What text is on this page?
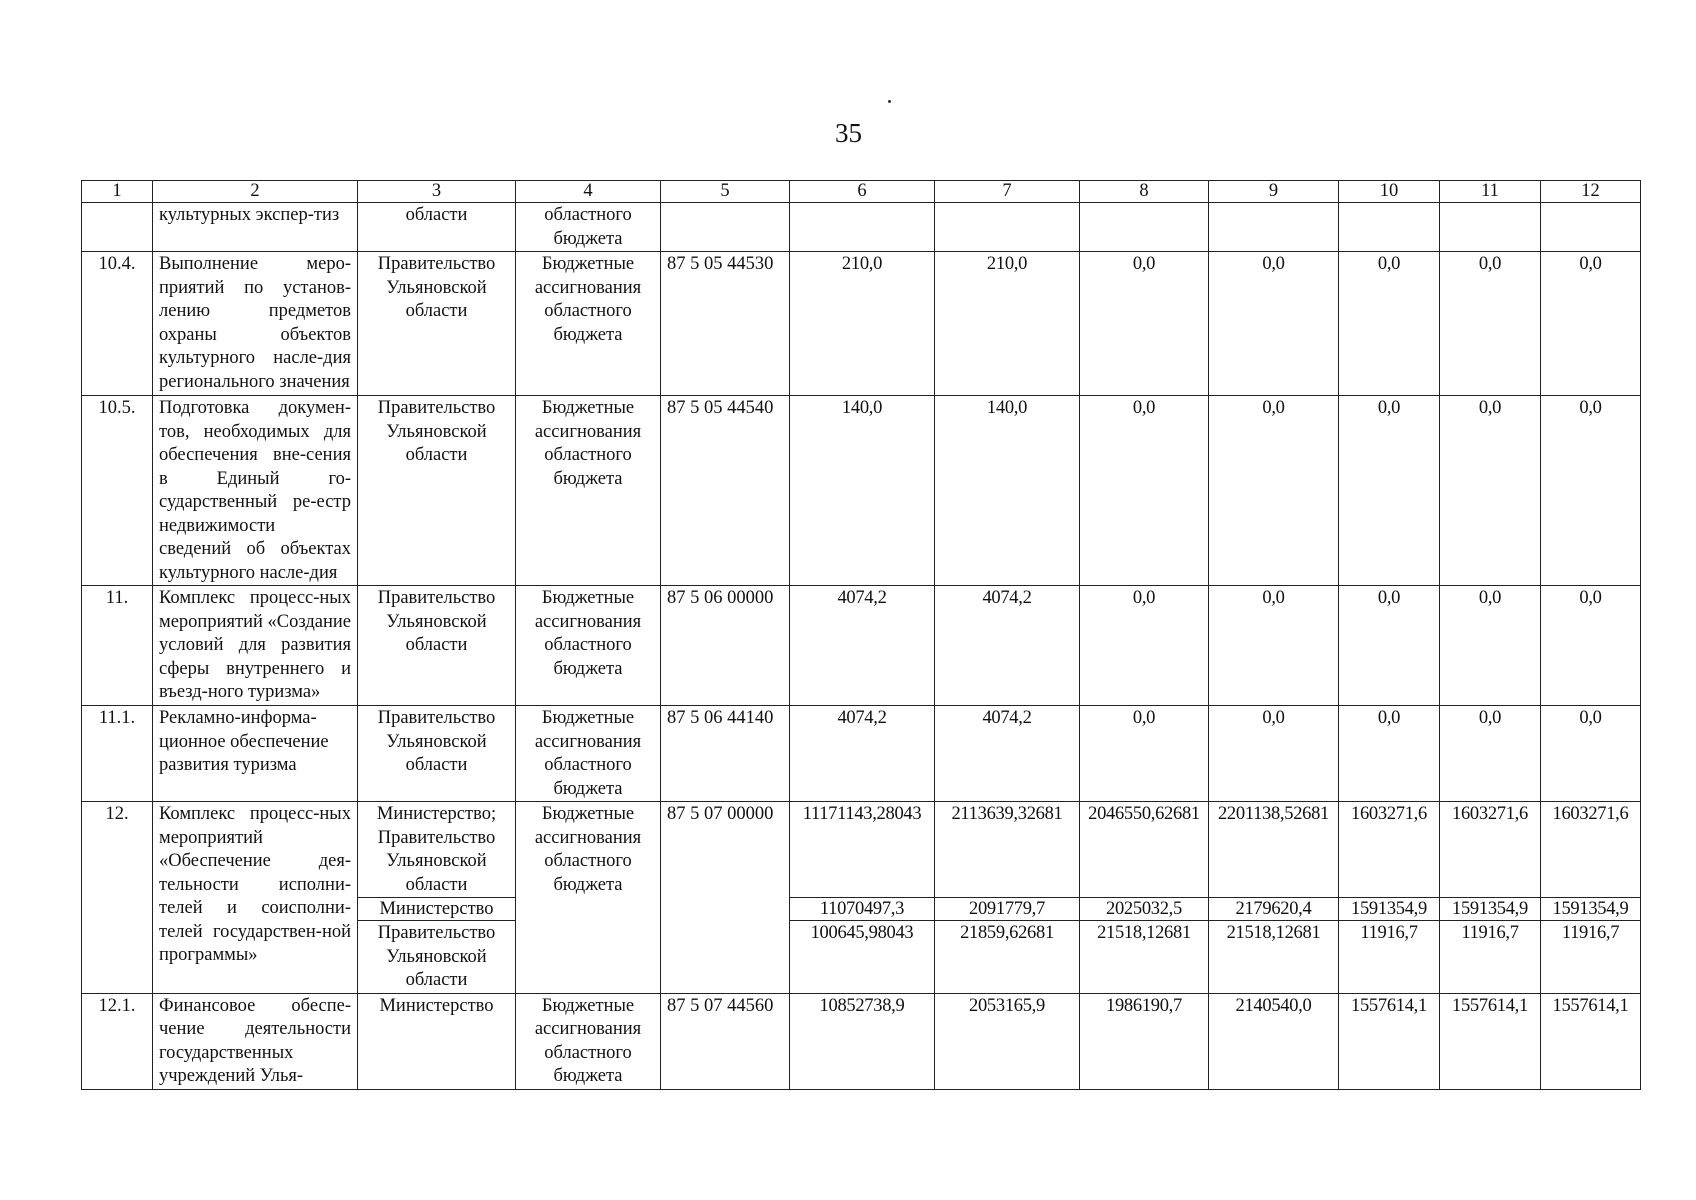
35
1	2	3	4	5	6	7	8	9	10	11	12
	культурных экспер-тиз	области	областного бюджета								
10.4.	Выполнение меро-приятий по установ-лению предметов охраны объектов культурного насле-дия регионального значения	Правительство Ульяновской области	Бюджетные ассигнования областного бюджета	87 5 05 44530	210,0	210,0	0,0	0,0	0,0	0,0	0,0
10.5.	Подготовка докумен-тов, необходимых для обеспечения вне-сения в Единый го-сударственный ре-естр недвижимости сведений об объектах культурного насле-дия	Правительство Ульяновской области	Бюджетные ассигнования областного бюджета	87 5 05 44540	140,0	140,0	0,0	0,0	0,0	0,0	0,0
11.	Комплекс процесс-ных мероприятий «Создание условий для развития сферы внутреннего и въезд-ного туризма»	Правительство Ульяновской области	Бюджетные ассигнования областного бюджета	87 5 06 00000	4074,2	4074,2	0,0	0,0	0,0	0,0	0,0
11.1.	Рекламно-информа-ционное обеспечение развития туризма	Правительство Ульяновской области	Бюджетные ассигнования областного бюджета	87 5 06 44140	4074,2	4074,2	0,0	0,0	0,0	0,0	0,0
12.	Комплекс процесс-ных мероприятий «Обеспечение дея-тельности исполни-телей и соисполни-телей государствен-ной программы»	Министерство; Правительство Ульяновской области	Бюджетные ассигнования областного бюджета	87 5 07 00000	11171143,28043	2113639,32681	2046550,62681	2201138,52681	1603271,6	1603271,6	1603271,6
		Министерство			11070497,3	2091779,7	2025032,5	2179620,4	1591354,9	1591354,9	1591354,9
		Правительство Ульяновской области			100645,98043	21859,62681	21518,12681	21518,12681	11916,7	11916,7	11916,7
12.1.	Финансовое обеспе-чение деятельности государственных учреждений Улья-	Министерство	Бюджетные ассигнования областного бюджета	87 5 07 44560	10852738,9	2053165,9	1986190,7	2140540,0	1557614,1	1557614,1	1557614,1
